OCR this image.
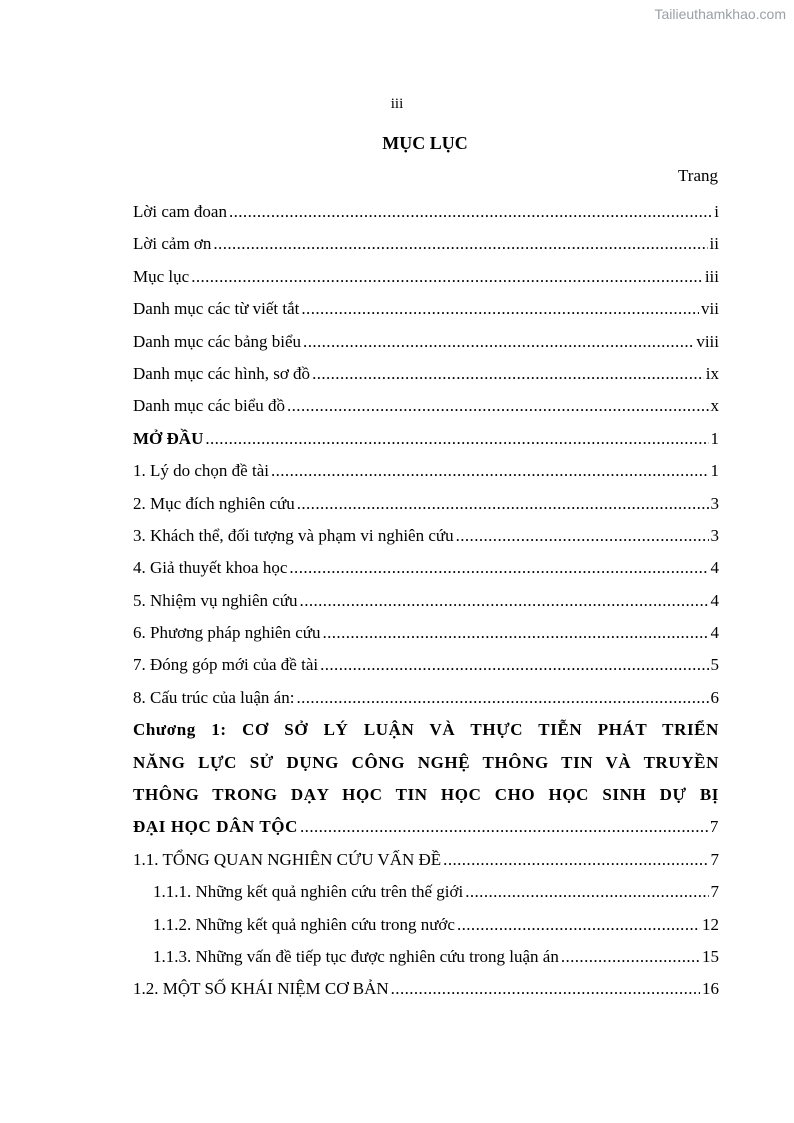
Tailieuthamkhao.com
iii
MỤC LỤC
Trang
Lời cam đoan .....	i
Lời cảm ơn .....	ii
Mục lục .....	iii
Danh mục các từ viết tắt .....	vii
Danh mục các bảng biểu .....	viii
Danh mục các hình, sơ đồ .....	ix
Danh mục các biểu đồ .....	x
MỞ ĐẦU .....	1
1. Lý do chọn đề tài .....	1
2. Mục đích nghiên cứu .....	3
3. Khách thể, đối tượng và phạm vi nghiên cứu .....	3
4. Giả thuyết khoa học .....	4
5. Nhiệm vụ nghiên cứu .....	4
6. Phương pháp nghiên cứu .....	4
7. Đóng góp mới của đề tài .....	5
8. Cấu trúc của luận án: .....	6
Chương 1: CƠ SỞ LÝ LUẬN VÀ THỰC TIỄN PHÁT TRIỂN
NĂNG LỰC SỬ DỤNG CÔNG NGHỆ THÔNG TIN VÀ TRUYỀN
THÔNG TRONG DẠY HỌC TIN HỌC CHO HỌC SINH DỰ BỊ
ĐẠI HỌC DÂN TỘC .....	7
1.1. TỔNG QUAN NGHIÊN CỨU VẤN ĐỀ .....	7
1.1.1. Những kết quả nghiên cứu trên thế giới .....	7
1.1.2. Những kết quả nghiên cứu trong nước .....	12
1.1.3. Những vấn đề tiếp tục được nghiên cứu trong luận án .....	15
1.2. MỘT SỐ KHÁI NIỆM CƠ BẢN .....	16
